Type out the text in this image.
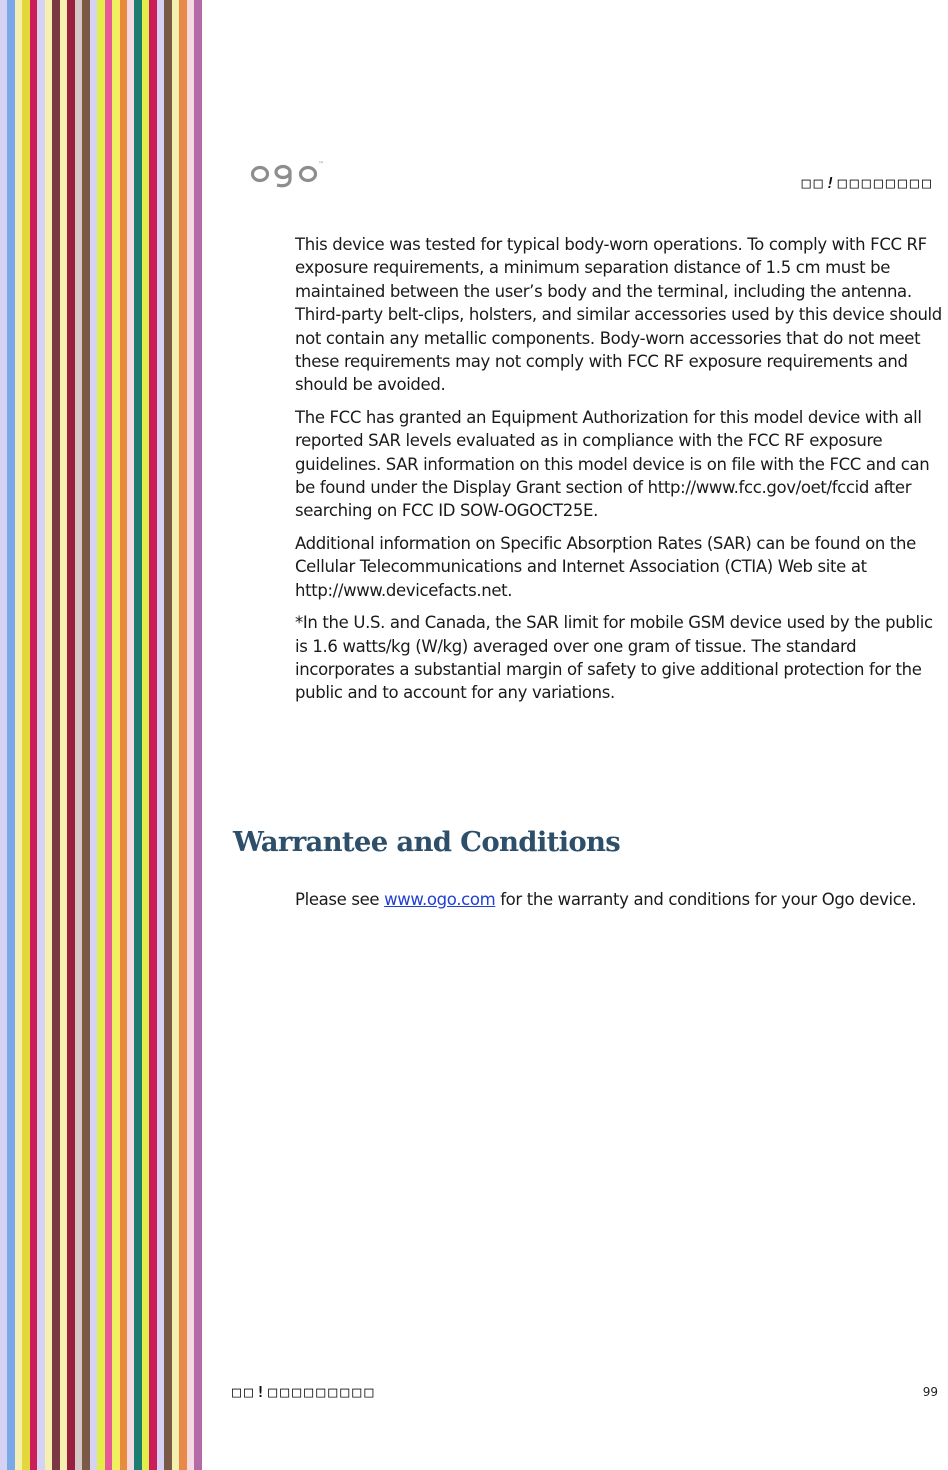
™
□□!□□□□□□□□

This device was tested for typical body-worn operations. To comply with FCC RF exposure requirements, a minimum separation distance of 1.5 cm must be maintained between the user’s body and the terminal, including the antenna. Third-party belt-clips, holsters, and similar accessories used by this device should not contain any metallic components. Body-worn accessories that do not meet these requirements may not comply with FCC RF exposure requirements and should be avoided.

The FCC has granted an Equipment Authorization for this model device with all reported SAR levels evaluated as in compliance with the FCC RF exposure guidelines. SAR information on this model device is on file with the FCC and can be found under the Display Grant section of http://www.fcc.gov/oet/fccid after searching on FCC ID SOW-OGOCT25E.

Additional information on Specific Absorption Rates (SAR) can be found on the Cellular Telecommunications and Internet Association (CTIA) Web site at http://www.devicefacts.net.

*In the U.S. and Canada, the SAR limit for mobile GSM device used by the public is 1.6 watts/kg (W/kg) averaged over one gram of tissue. The standard incorporates a substantial margin of safety to give additional protection for the public and to account for any variations.

Warrantee and Conditions

Please see www.ogo.com for the warranty and conditions for your Ogo device.

□□!□□□□□□□□□	99
